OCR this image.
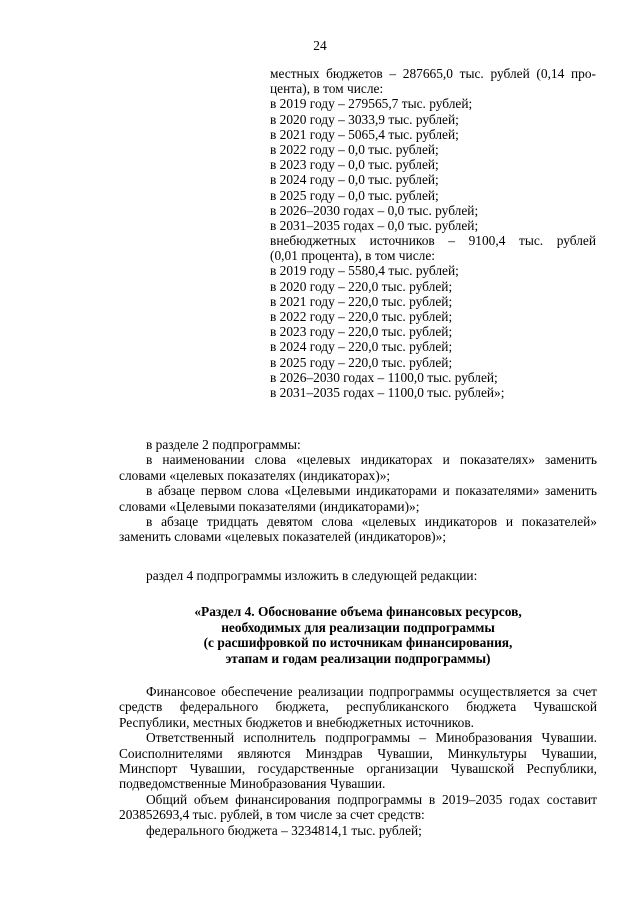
24
местных бюджетов – 287665,0 тыс. рублей (0,14 про-
цента), в том числе:
в 2019 году – 279565,7 тыс. рублей;
в 2020 году – 3033,9 тыс. рублей;
в 2021 году – 5065,4 тыс. рублей;
в 2022 году – 0,0 тыс. рублей;
в 2023 году – 0,0 тыс. рублей;
в 2024 году – 0,0 тыс. рублей;
в 2025 году – 0,0 тыс. рублей;
в 2026–2030 годах – 0,0 тыс. рублей;
в 2031–2035 годах – 0,0 тыс. рублей;
внебюджетных источников – 9100,4 тыс. рублей
(0,01 процента), в том числе:
в 2019 году – 5580,4 тыс. рублей;
в 2020 году – 220,0 тыс. рублей;
в 2021 году – 220,0 тыс. рублей;
в 2022 году – 220,0 тыс. рублей;
в 2023 году – 220,0 тыс. рублей;
в 2024 году – 220,0 тыс. рублей;
в 2025 году – 220,0 тыс. рублей;
в 2026–2030 годах – 1100,0 тыс. рублей;
в 2031–2035 годах – 1100,0 тыс. рублей»;
в разделе 2 подпрограммы:
в наименовании слова «целевых индикаторах и показателях» заменить словами «целевых показателях (индикаторах)»;
в абзаце первом слова «Целевыми индикаторами и показателями» заменить словами «Целевыми показателями (индикаторами)»;
в абзаце тридцать девятом слова «целевых индикаторов и показателей» заменить словами «целевых показателей (индикаторов)»;
раздел 4 подпрограммы изложить в следующей редакции:
«Раздел 4. Обоснование объема финансовых ресурсов,
необходимых для реализации подпрограммы
(с расшифровкой по источникам финансирования,
этапам и годам реализации подпрограммы)
Финансовое обеспечение реализации подпрограммы осуществляется за счет средств федерального бюджета, республиканского бюджета Чувашской Республики, местных бюджетов и внебюджетных источников.
Ответственный исполнитель подпрограммы – Минобразования Чувашии. Соисполнителями являются Минздрав Чувашии, Минкультуры Чувашии, Минспорт Чувашии, государственные организации Чувашской Республики, подведомственные Минобразования Чувашии.
Общий объем финансирования подпрограммы в 2019–2035 годах составит 203852693,4 тыс. рублей, в том числе за счет средств:
федерального бюджета – 3234814,1 тыс. рублей;
